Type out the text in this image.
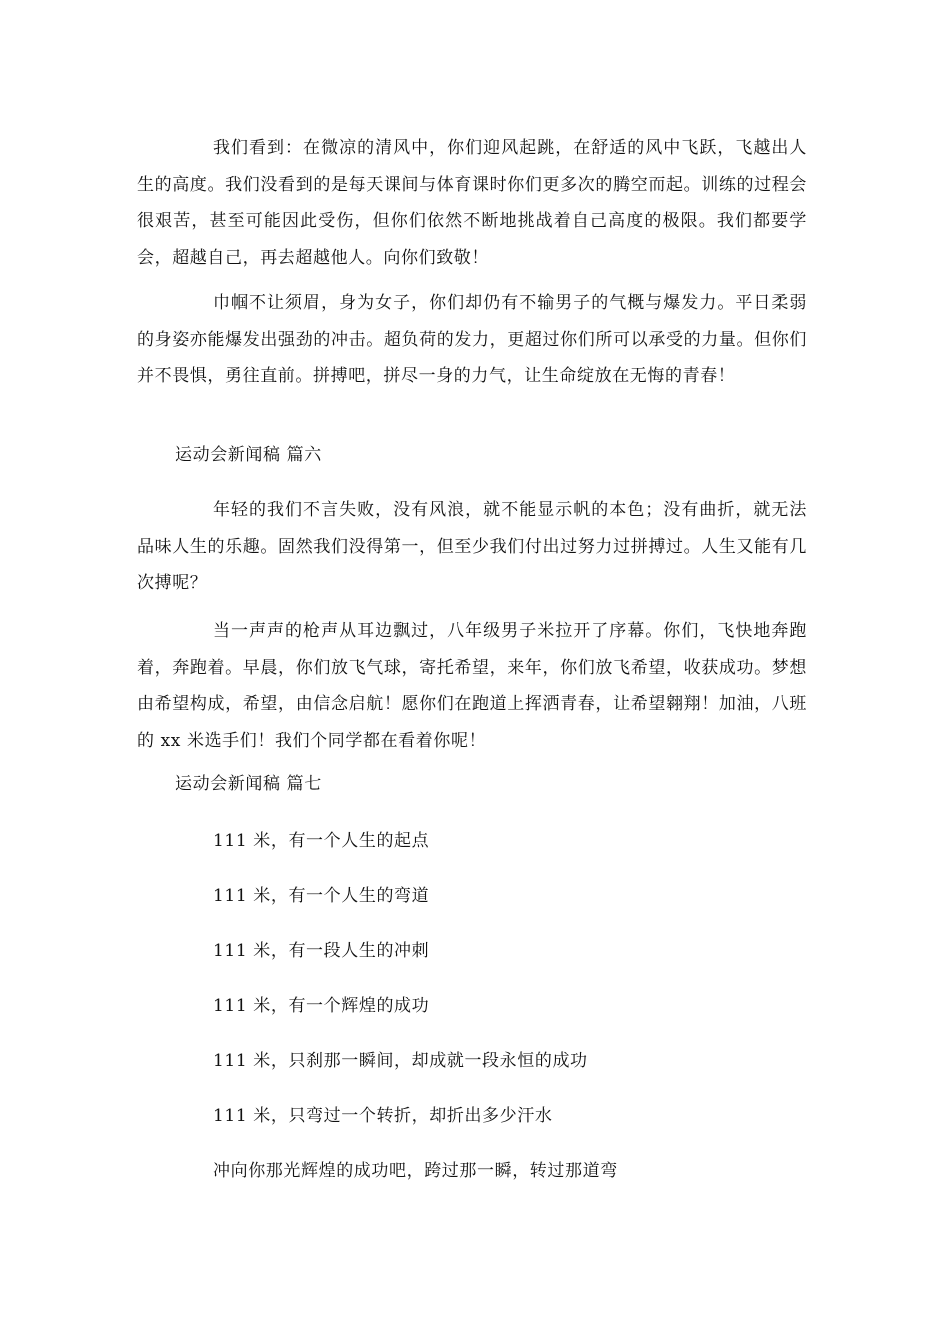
我们看到：在微凉的清风中，你们迎风起跳，在舒适的风中飞跃，飞越出人生的高度。我们没看到的是每天课间与体育课时你们更多次的腾空而起。训练的过程会很艰苦，甚至可能因此受伤，但你们依然不断地挑战着自己高度的极限。我们都要学会，超越自己，再去超越他人。向你们致敬！

巾帼不让须眉，身为女子，你们却仍有不输男子的气概与爆发力。平日柔弱的身姿亦能爆发出强劲的冲击。超负荷的发力，更超过你们所可以承受的力量。但你们并不畏惧，勇往直前。拼搏吧，拼尽一身的力气，让生命绽放在无悔的青春！

运动会新闻稿 篇六

年轻的我们不言失败，没有风浪，就不能显示帆的本色；没有曲折，就无法品味人生的乐趣。固然我们没得第一，但至少我们付出过努力过拼搏过。人生又能有几次搏呢？

当一声声的枪声从耳边飘过，八年级男子米拉开了序幕。你们，飞快地奔跑着，奔跑着。早晨，你们放飞气球，寄托希望，来年，你们放飞希望，收获成功。梦想由希望构成，希望，由信念启航！愿你们在跑道上挥洒青春，让希望翱翔！加油，八班的 xx 米选手们！我们个同学都在看着你呢！

运动会新闻稿 篇七

111 米，有一个人生的起点

111 米，有一个人生的弯道

111 米，有一段人生的冲刺

111 米，有一个辉煌的成功

111 米，只刹那一瞬间，却成就一段永恒的成功

111 米，只弯过一个转折，却折出多少汗水

冲向你那光辉煌的成功吧，跨过那一瞬，转过那道弯
